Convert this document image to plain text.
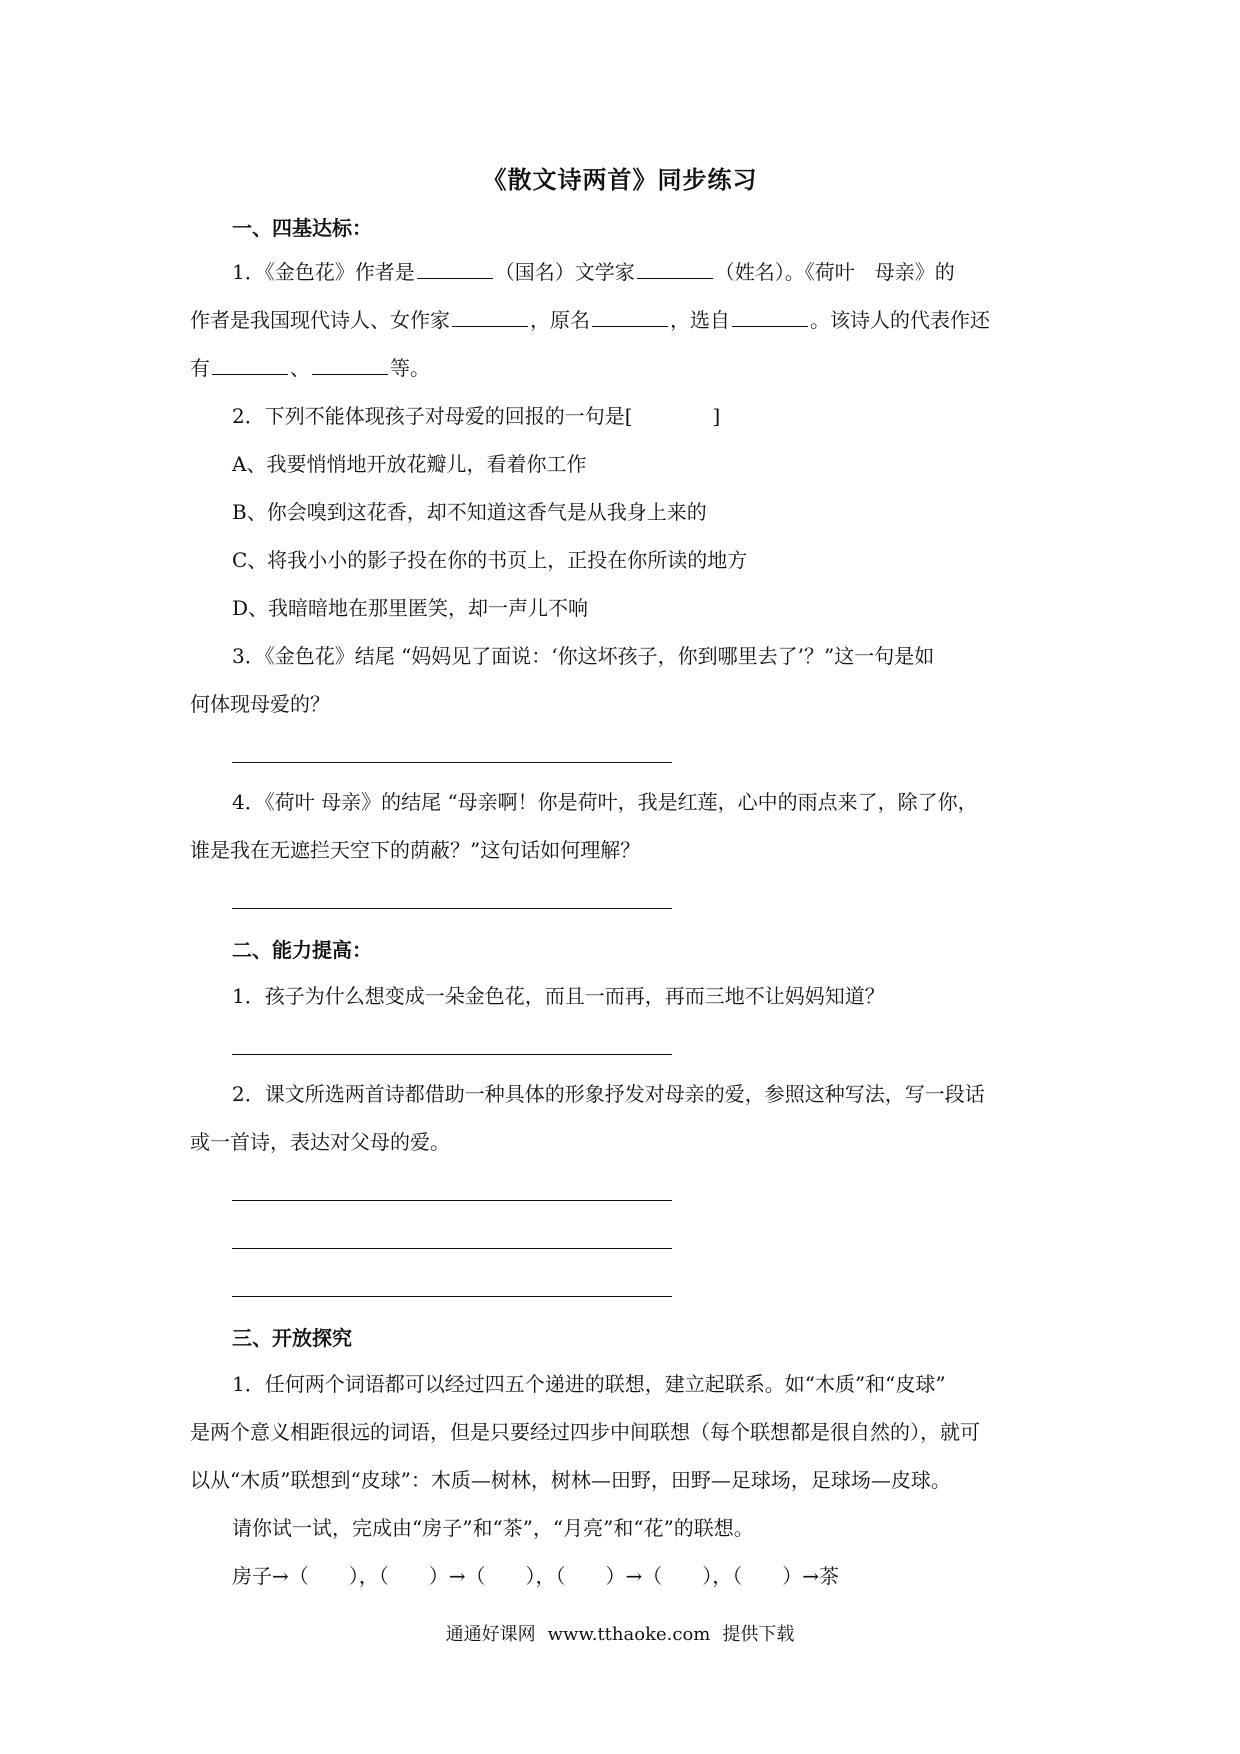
《散文诗两首》同步练习
一、四基达标：
1．《金色花》作者是	（国名）文学家	（姓名）。《荷叶　母亲》的
作者是我国现代诗人、女作家	，原名	，选自	。该诗人的代表作还
有	、	等。
2．下列不能体现孩子对母爱的回报的一句是[　　　　]
A、我要悄悄地开放花瓣儿，看着你工作
B、你会嗅到这花香，却不知道这香气是从我身上来的
C、将我小小的影子投在你的书页上，正投在你所读的地方
D、我暗暗地在那里匿笑，却一声儿不响
3．《金色花》结尾 “妈妈见了面说：‘你这坏孩子，你到哪里去了’？”这一句是如
何体现母爱的？
4．《荷叶 母亲》的结尾 “母亲啊！你是荷叶，我是红莲，心中的雨点来了，除了你，
谁是我在无遮拦天空下的荫蔽？”这句话如何理解？
二、能力提高：
1．孩子为什么想变成一朵金色花，而且一而再，再而三地不让妈妈知道？
2．课文所选两首诗都借助一种具体的形象抒发对母亲的爱，参照这种写法，写一段话
或一首诗，表达对父母的爱。
三、开放探究
1．任何两个词语都可以经过四五个递进的联想，建立起联系。如“木质”和“皮球”
是两个意义相距很远的词语，但是只要经过四步中间联想（每个联想都是很自然的），就可
以从“木质”联想到“皮球”：木质—树林，树林—田野，田野—足球场，足球场—皮球。
请你试一试，完成由“房子”和“茶”，“月亮”和“花”的联想。
房子→（　　），（　　）→（　　），（　　）→（　　），（　　）→茶
通通好课网 www.tthaoke.com 提供下载
